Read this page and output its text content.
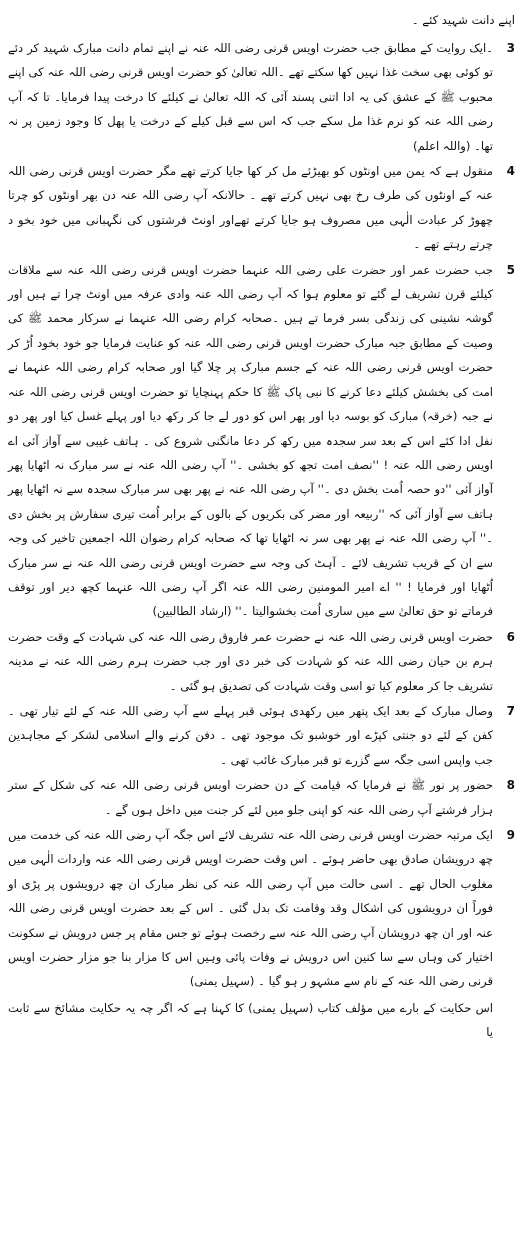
اپنے دانت شہید کئے ۔

3
۔ایک روایت کے مطابق جب حضرت اویس قرنی رضی اللہ عنہ نے اپنے تمام دانت مبارک شہید کر دئے تو کوئی بھی سخت غذا نہیں کھا سکتے تھے ۔اللہ تعالیٰ کو حضرت اویس قرنی رضی اللہ عنہ کی اپنے محبوب ﷺ کے عشق کی یہ ادا اتنی پسند آئی کہ اللہ تعالیٰ نے کیلئے کا درخت پیدا فرمایا۔ تا کہ آپ رضی اللہ عنہ کو نرم غذا مل سکے جب کہ اس سے قبل کیلے کے درخت یا پھل کا وجود زمین پر نہ تھا۔ (واللہ اعلم)
4
منقول ہے کہ یمن میں اونٹوں کو بھیڑئے مل کر کھا جایا کرتے تھے مگر حضرت اویس قرنی رضی اللہ عنہ کے اونٹوں کی طرف رخ بھی نہیں کرتے تھے ۔ حالانکہ آپ رضی اللہ عنہ دن بھر اونٹوں کو چرتا چھوڑ کر عبادت الٰہی میں مصروف ہو جایا کرتے تھےاور اونٹ فرشتوں کی نگہبانی میں خود بخو د چرتے رہتے تھے ۔
5
جب حضرت عمر اور حضرت علی رضی اللہ عنہما حضرت اویس قرنی رضی اللہ عنہ سے ملاقات کیلئے قرن تشریف لے گئے تو معلوم ہوا کہ آپ رضی اللہ عنہ وادی عرفہ میں اونٹ چرا تے ہیں اور گوشہ نشینی کی زندگی بسر فرما تے ہیں ۔صحابہ کرام رضی اللہ عنہما نے سرکار محمد ﷺ کی وصیت کے مطابق جبہ مبارک حضرت اویس قرنی رضی اللہ عنہ کو عنایت فرمایا جو خود بخود اُڑ کر حضرت اویس قرنی رضی اللہ عنہ کے جسم مبارک پر چلا گیا اور صحابہ کرام رضی اللہ عنہما نے امت کی بخشش کیلئے دعا کرنے کا نبی پاک ﷺ کا حکم پہنچایا تو حضرت اویس قرنی رضی اللہ عنہ نے جبہ (خرقہ) مبارک کو بوسہ دیا اور پھر اس کو دور لے جا کر رکھ دیا اور پہلے غسل کیا اور پھر دو نفل ادا کئے اس کے بعد سر سجدہ میں رکھ کر دعا مانگنی شروع کی ۔ ہاتف غیبی سے آواز آئی اے اویس رضی اللہ عنہ ! ''نصف امت تجھ کو بخشی ۔'' آپ رضی اللہ عنہ نے سر مبارک نہ اٹھایا پھر آواز آئی ''دو حصہ اُمت بخش دی ۔'' آپ رضی اللہ عنہ نے پھر بھی سر مبارک سجدہ سے نہ اٹھایا پھر ہاتف سے آواز آئی کہ ''ربیعہ اور مضر کی بکریوں کے بالوں کے برابر اُمت تیری سفارش پر بخش دی ۔'' آپ رضی اللہ عنہ نے پھر بھی سر نہ اٹھایا تھا کہ صحابہ کرام رضوان اللہ اجمعین تاخیر کی وجہ سے ان کے قریب تشریف لائے ۔ آہٹ کی وجہ سے حضرت اویس قرنی رضی اللہ عنہ نے سر مبارک اُٹھایا اور فرمایا ! '' اے امیر المومنین رضی اللہ عنہ اگر آپ رضی اللہ عنہما کچھ دیر اور توقف فرماتے تو حق تعالیٰ سے میں ساری اُمت بخشوالیتا ۔'' (ارشاد الطالبین)
6
حضرت اویس قرنی رضی اللہ عنہ نے حضرت عمر فاروق رضی اللہ عنہ کی شہادت کے وقت حضرت ہرم بن حیان رضی اللہ عنہ کو شہادت کی خبر دی اور جب حضرت ہرم رضی اللہ عنہ نے مدینہ تشریف جا کر معلوم کیا تو اسی وقت شہادت کی تصدیق ہو گئی ۔
7
وصال مبارک کے بعد ایک پتھر میں رکھدی ہوئی قبر پہلے سے آپ رضی اللہ عنہ کے لئے تیار تھی ۔ کفن کے لئے دو جنتی کپڑے اور خوشبو تک موجود تھی ۔ دفن کرنے والے اسلامی لشکر کے مجاہدین جب واپس اسی جگہ سے گزرے تو قبر مبارک غائب تھی ۔
8
حضور پر نور ﷺ نے فرمایا کہ قیامت کے دن حضرت اویس قرنی رضی اللہ عنہ کی شکل کے ستر ہزار فرشتے آپ رضی اللہ عنہ کو اپنی جلو میں لئے کر جنت میں داخل ہوں گے ۔
9
ایک مرتبہ حضرت اویس قرنی رضی اللہ عنہ تشریف لائے اس جگہ آپ رضی اللہ عنہ کی خدمت میں چھ درویشان صادق بھی حاضر ہوئے ۔ اس وقت حضرت اویس قرنی رضی اللہ عنہ واردات الٰہی میں مغلوب الحال تھے ۔ اسی حالت میں آپ رضی اللہ عنہ کی نظر مبارک ان چھ درویشوں پر پڑی او فوراً ان درویشوں کی اشکال وقد وقامت تک بدل گئی ۔ اس کے بعد حضرت اویس قرنی رضی اللہ عنہ اور ان چھ درویشان آپ رضی اللہ عنہ سے رخصت ہوئے تو جس مقام پر جس درویش نے سکونت اختیار کی وہاں سے سا کنین اس درویش نے وفات پائی وہیں اس کا مزار بنا جو مزار حضرت اویس قرنی رضی اللہ عنہ کے نام سے مشہو ر ہو گیا ۔ (سہیل یمنی)

اس حکایت کے بارے میں مؤلف کتاب (سہیل یمنی) کا کہنا ہے کہ اگر چہ یہ حکایت مشائخ سے ثابت یا
